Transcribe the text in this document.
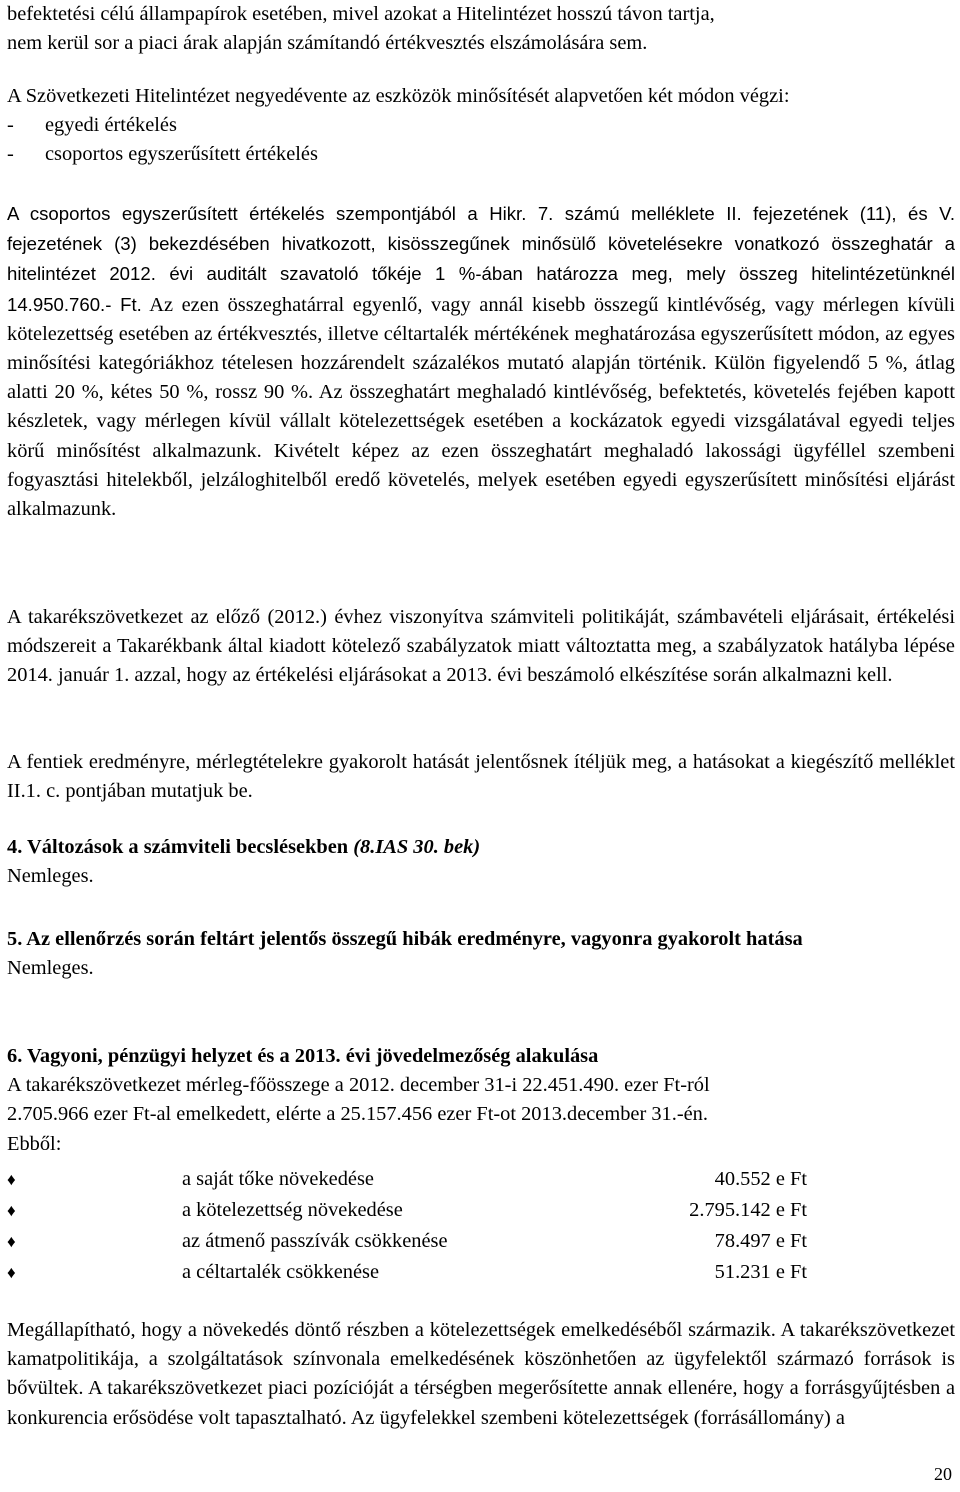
befektetési célú állampapírok esetében, mivel azokat a Hitelintézet hosszú távon tartja,
nem kerül sor a piaci árak alapján számítandó értékvesztés elszámolására sem.

A Szövetkezeti Hitelintézet negyedévente az eszközök minősítését alapvetően két módon végzi:

- egyedi értékelés
- csoportos egyszerűsített értékelés

A csoportos egyszerűsített értékelés szempontjából a Hikr. 7. számú melléklete II. fejezetének (11), és V. fejezetének (3) bekezdésében hivatkozott, kisösszegűnek minősülő követelésekre vonatkozó összeghatár a hitelintézet 2012. évi auditált szavatoló tőkéje 1 %-ában határozza meg, mely összeg hitelintézetünknél 14.950.760.- Ft. Az ezen összeghatárral egyenlő, vagy annál kisebb összegű kintlévőség, vagy mérlegen kívüli kötelezettség esetében az értékvesztés, illetve céltartalék mértékének meghatározása egyszerűsített módon, az egyes minősítési kategóriákhoz tételesen hozzárendelt százalékos mutató alapján történik. Külön figyelendő 5 %, átlag alatti 20 %, kétes 50 %, rossz 90 %. Az összeghatárt meghaladó kintlévőség, befektetés, követelés fejében kapott készletek, vagy mérlegen kívül vállalt kötelezettségek esetében a kockázatok egyedi vizsgálatával egyedi teljes körű minősítést alkalmazunk. Kivételt képez az ezen összeghatárt meghaladó lakossági ügyféllel szembeni fogyasztási hitelekből, jelzáloghitelből eredő követelés, melyek esetében egyedi egyszerűsített minősítési eljárást alkalmazunk.

A takarékszövetkezet az előző (2012.) évhez viszonyítva számviteli politikáját, számbavételi eljárásait, értékelési módszereit a Takarékbank által kiadott kötelező szabályzatok miatt változtatta meg, a szabályzatok hatályba lépése 2014. január 1. azzal, hogy az értékelési eljárásokat a 2013. évi beszámoló elkészítése során alkalmazni kell.

A fentiek eredményre, mérlegtételekre gyakorolt hatását jelentősnek ítéljük meg, a hatásokat a kiegészítő melléklet II.1. c. pontjában mutatjuk be.

4. Változások a számviteli becslésekben (8.IAS 30. bek)

Nemleges.

5. Az ellenőrzés során feltárt jelentős összegű hibák eredményre, vagyonra gyakorolt hatása

Nemleges.

6. Vagyoni, pénzügyi helyzet és a 2013. évi jövedelmezőség alakulása

A takarékszövetkezet mérleg-főösszege a 2012. december 31-i 22.451.490. ezer Ft-ról
2.705.966 ezer Ft-al emelkedett, elérte a 25.157.456 ezer Ft-ot 2013.december 31.-én.
Ebből:
♦	a saját tőke növekedése	40.552 e Ft
♦	a kötelezettség növekedése	2.795.142 e Ft
♦	az átmenő passzívák csökkenése	78.497 e Ft
♦	a céltartalék csökkenése	51.231 e Ft

Megállapítható, hogy a növekedés döntő részben a kötelezettségek emelkedéséből származik. A takarékszövetkezet kamatpolitikája, a szolgáltatások színvonala emelkedésének köszönhetően az ügyfelektől származó források is bővültek. A takarékszövetkezet piaci pozícióját a térségben megerősítette annak ellenére, hogy a forrásgyűjtésben a konkurencia erősödése volt tapasztalható. Az ügyfelekkel szembeni kötelezettségek (forrásállomány) a

20
